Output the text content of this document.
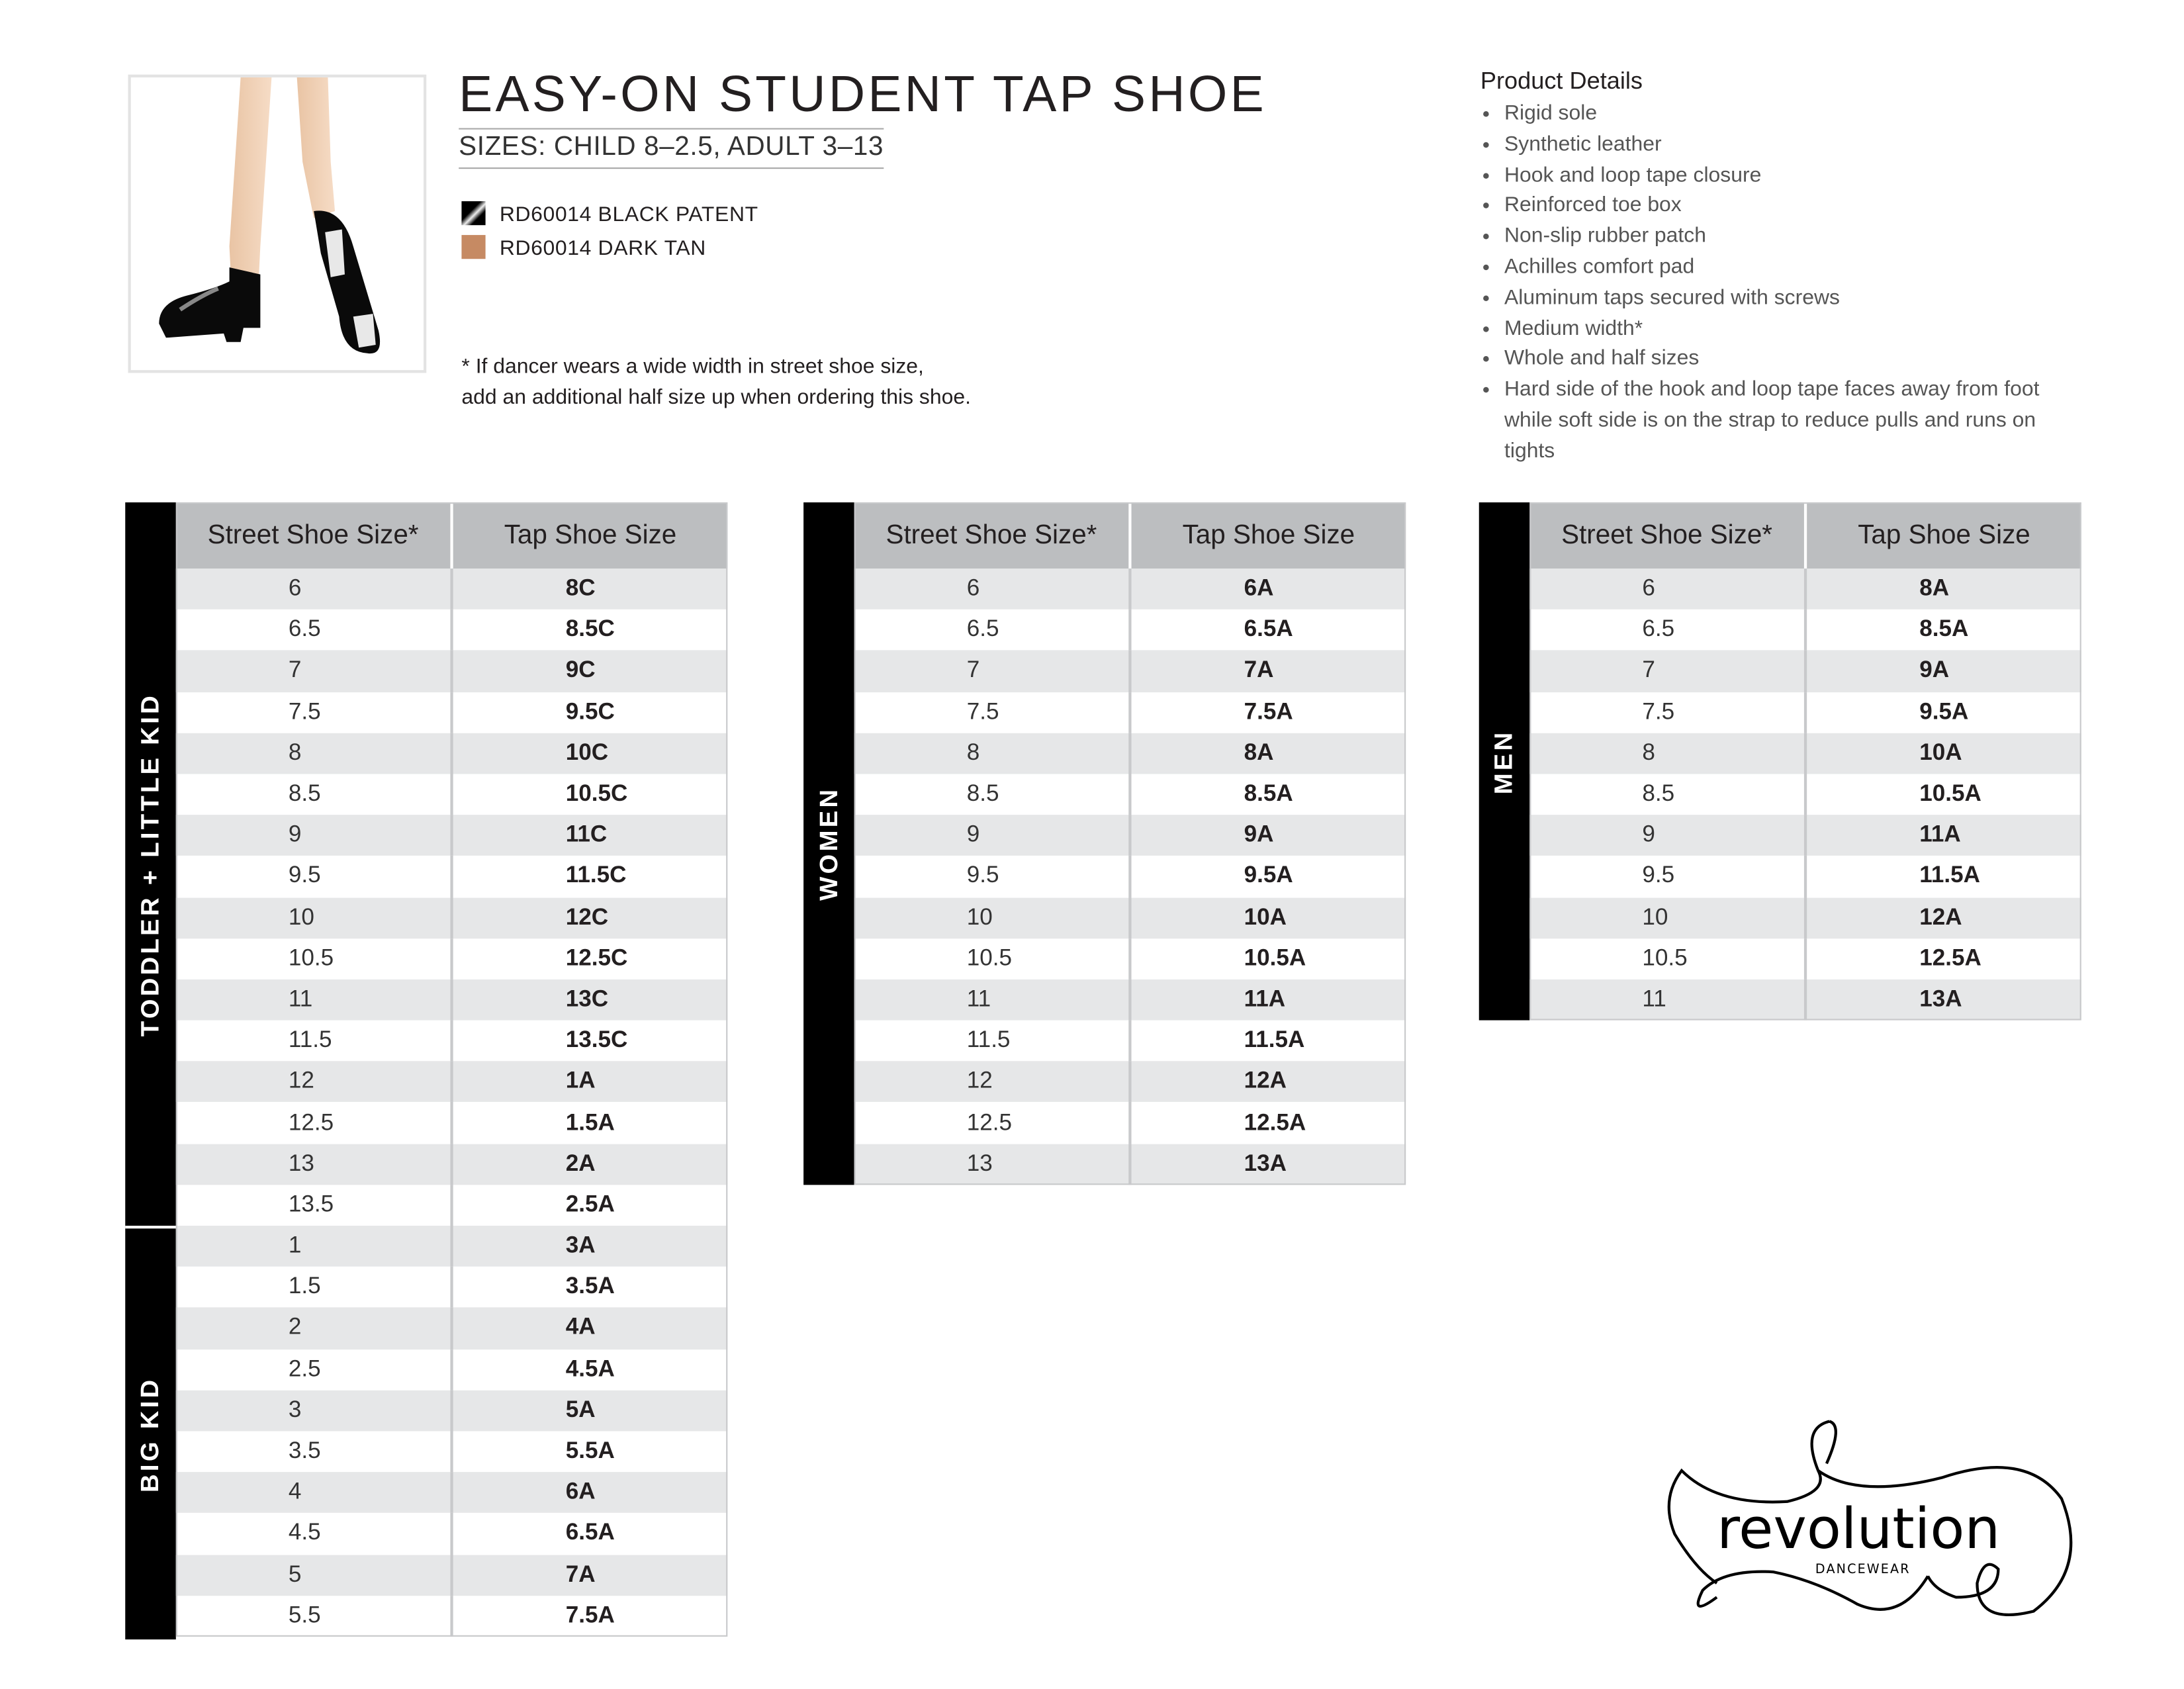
EASY-ON STUDENT TAP SHOE
SIZES: CHILD 8–2.5, ADULT 3–13
RD60014 BLACK PATENT
RD60014 DARK TAN
* If dancer wears a wide width in street shoe size,
add an additional half size up when ordering this shoe.
Product Details
• Rigid sole
• Synthetic leather
• Hook and loop tape closure
• Reinforced toe box
• Non-slip rubber patch
• Achilles comfort pad
• Aluminum taps secured with screws
• Medium width*
• Whole and half sizes
• Hard side of the hook and loop tape faces away from foot while soft side is on the strap to reduce pulls and runs on tights
Street Shoe Size*	Tap Shoe Size
TODDLER + LITTLE KID
BIG KID
6	8C
6.5	8.5C
7	9C
7.5	9.5C
8	10C
8.5	10.5C
9	11C
9.5	11.5C
10	12C
10.5	12.5C
11	13C
11.5	13.5C
12	1A
12.5	1.5A
13	2A
13.5	2.5A
1	3A
1.5	3.5A
2	4A
2.5	4.5A
3	5A
3.5	5.5A
4	6A
4.5	6.5A
5	7A
5.5	7.5A
Street Shoe Size*	Tap Shoe Size
WOMEN
6	6A
6.5	6.5A
7	7A
7.5	7.5A
8	8A
8.5	8.5A
9	9A
9.5	9.5A
10	10A
10.5	10.5A
11	11A
11.5	11.5A
12	12A
12.5	12.5A
13	13A
Street Shoe Size*	Tap Shoe Size
MEN
6	8A
6.5	8.5A
7	9A
7.5	9.5A
8	10A
8.5	10.5A
9	11A
9.5	11.5A
10	12A
10.5	12.5A
11	13A
revolution
DANCEWEAR
